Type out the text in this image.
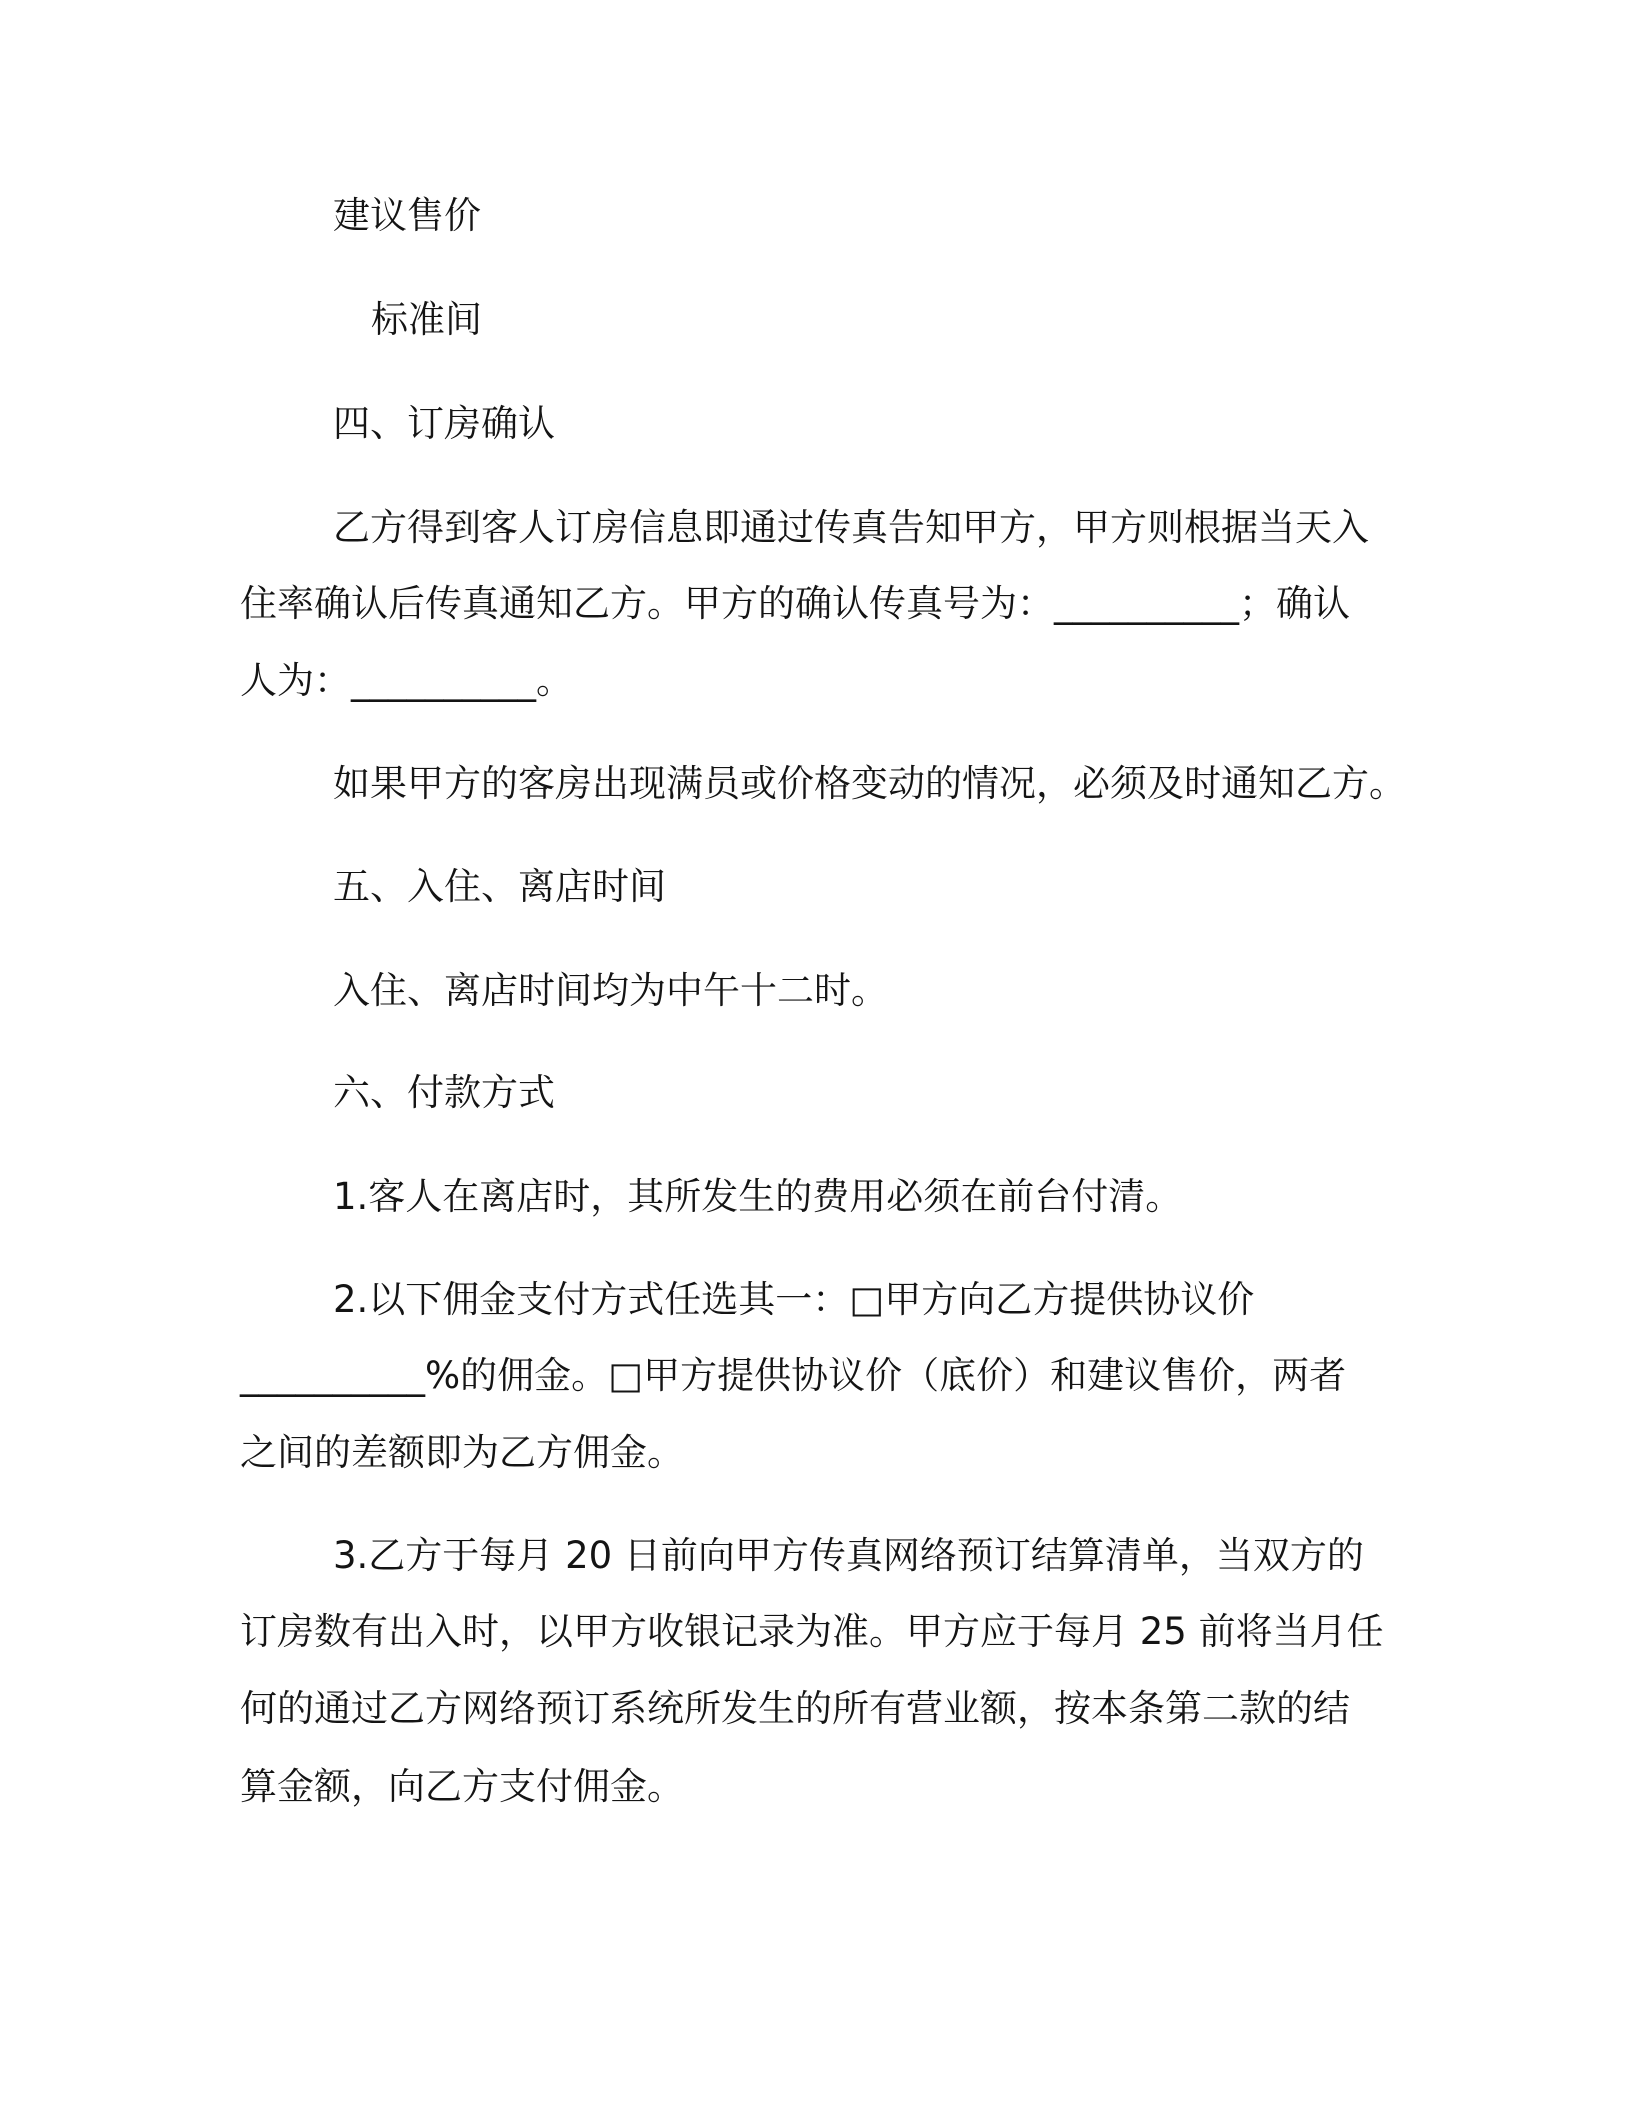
建议售价
标准间
四、订房确认
乙方得到客人订房信息即通过传真告知甲方，甲方则根据当天入
住率确认后传真通知乙方。甲方的确认传真号为：__________；确认
人为：__________。
如果甲方的客房出现满员或价格变动的情况，必须及时通知乙方。
五、入住、离店时间
入住、离店时间均为中午十二时。
六、付款方式
1.客人在离店时，其所发生的费用必须在前台付清。
2.以下佣金支付方式任选其一：□甲方向乙方提供协议价
__________%的佣金。□甲方提供协议价（底价）和建议售价，两者
之间的差额即为乙方佣金。
3.乙方于每月 20 日前向甲方传真网络预订结算清单，当双方的
订房数有出入时，以甲方收银记录为准。甲方应于每月 25 前将当月任
何的通过乙方网络预订系统所发生的所有营业额，按本条第二款的结
算金额，向乙方支付佣金。
